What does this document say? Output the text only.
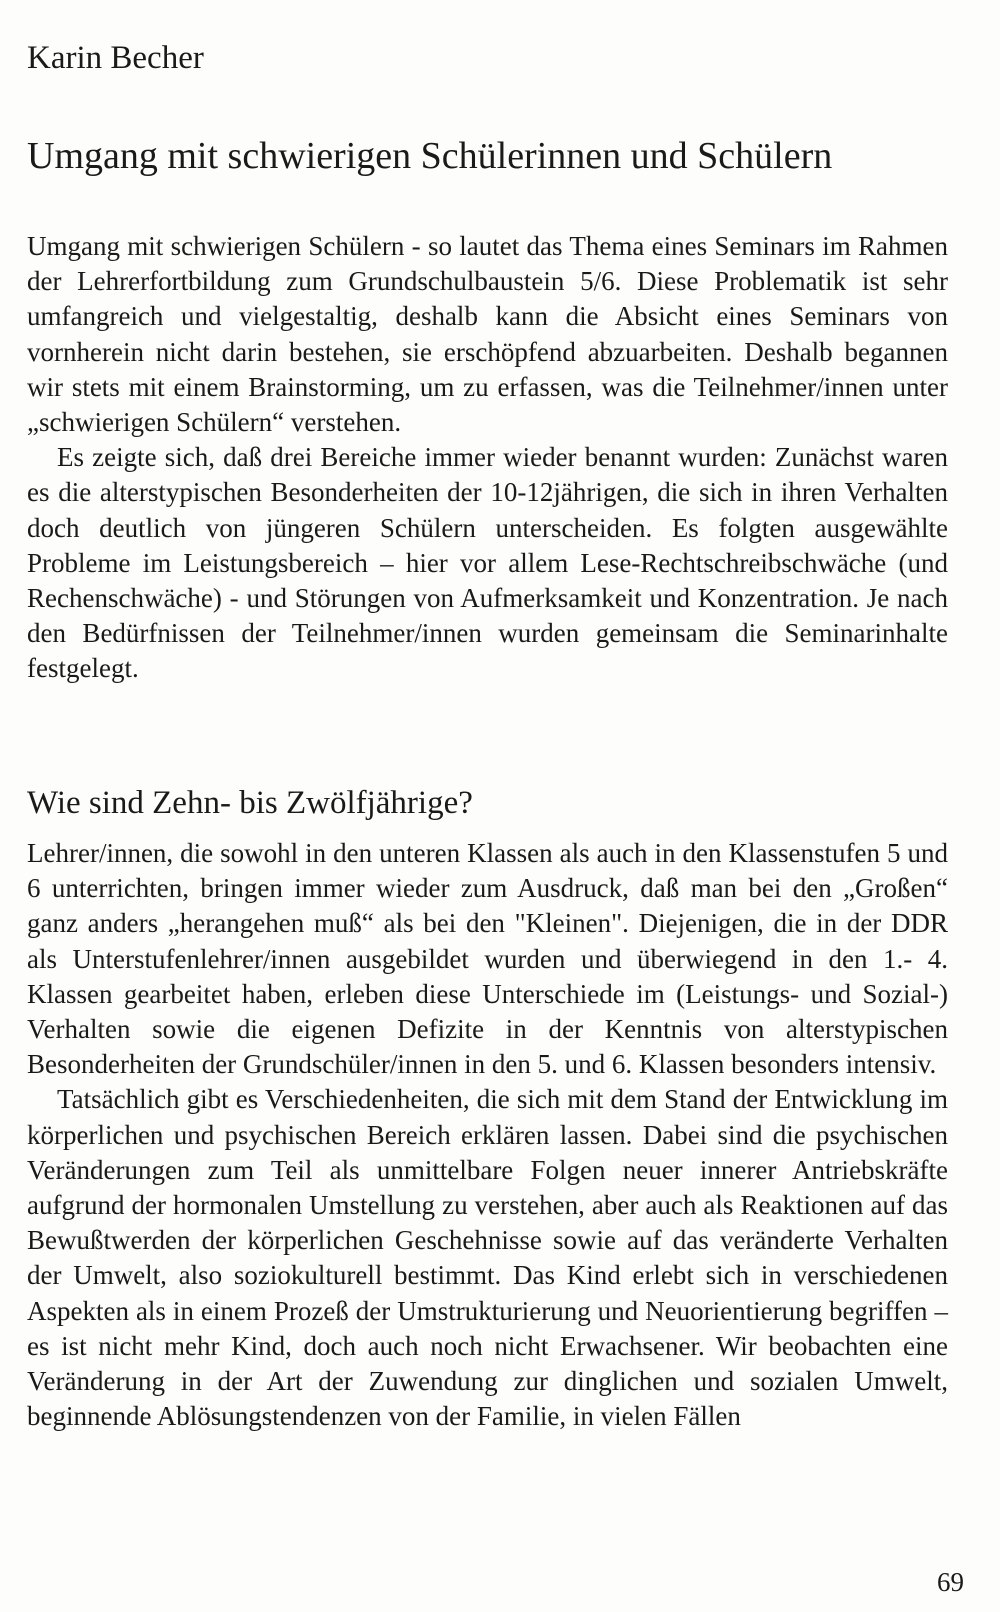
Karin Becher
Umgang mit schwierigen Schülerinnen und Schülern

Umgang mit schwierigen Schülern - so lautet das Thema eines Seminars im Rahmen der Lehrerfortbildung zum Grundschulbaustein 5/6. Diese Problematik ist sehr umfangreich und vielgestaltig, deshalb kann die Absicht eines Seminars von vornherein nicht darin bestehen, sie erschöpfend abzuarbeiten. Deshalb begannen wir stets mit einem Brainstorming, um zu erfassen, was die Teilnehmer/innen unter „schwierigen Schülern“ verstehen.

Es zeigte sich, daß drei Bereiche immer wieder benannt wurden: Zunächst waren es die alterstypischen Besonderheiten der 10-12jährigen, die sich in ihren Verhalten doch deutlich von jüngeren Schülern unterscheiden. Es folgten ausgewählte Probleme im Leistungsbereich – hier vor allem Lese-Rechtschreibschwäche (und Rechenschwäche) - und Störungen von Aufmerksamkeit und Konzentration. Je nach den Bedürfnissen der Teilnehmer/innen wurden gemeinsam die Seminarinhalte festgelegt.

Wie sind Zehn- bis Zwölfjährige?

Lehrer/innen, die sowohl in den unteren Klassen als auch in den Klassenstufen 5 und 6 unterrichten, bringen immer wieder zum Ausdruck, daß man bei den „Großen“ ganz anders „herangehen muß“ als bei den "Kleinen". Diejenigen, die in der DDR als Unterstufenlehrer/innen ausgebildet wurden und überwiegend in den 1.- 4. Klassen gearbeitet haben, erleben diese Unterschiede im (Leistungs- und Sozial-) Verhalten sowie die eigenen Defizite in der Kenntnis von alterstypischen Besonderheiten der Grundschüler/innen in den 5. und 6. Klassen besonders intensiv.

Tatsächlich gibt es Verschiedenheiten, die sich mit dem Stand der Entwicklung im körperlichen und psychischen Bereich erklären lassen. Dabei sind die psychischen Veränderungen zum Teil als unmittelbare Folgen neuer innerer Antriebskräfte aufgrund der hormonalen Umstellung zu verstehen, aber auch als Reaktionen auf das Bewußtwerden der körperlichen Geschehnisse sowie auf das veränderte Verhalten der Umwelt, also soziokulturell bestimmt. Das Kind erlebt sich in verschiedenen Aspekten als in einem Prozeß der Umstrukturierung und Neuorientierung begriffen – es ist nicht mehr Kind, doch auch noch nicht Erwachsener. Wir beobachten eine Veränderung in der Art der Zuwendung zur dinglichen und sozialen Umwelt, beginnende Ablösungstendenzen von der Familie, in vielen Fällen

69
